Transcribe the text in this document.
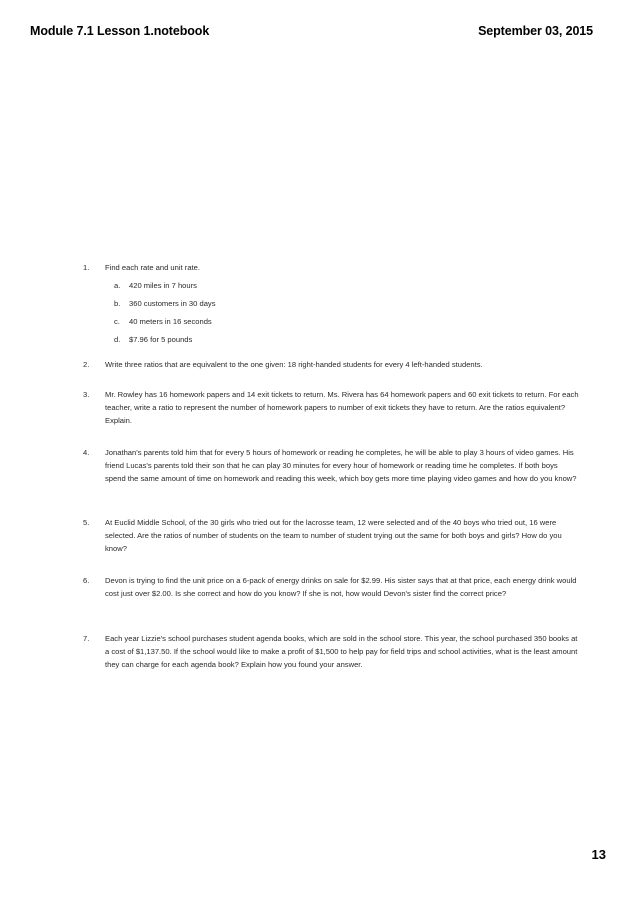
Module 7.1 Lesson 1.notebook	September 03, 2015
1. Find each rate and unit rate.
a. 420 miles in 7 hours
b. 360 customers in 30 days
c. 40 meters in 16 seconds
d. $7.96 for 5 pounds
2. Write three ratios that are equivalent to the one given: 18 right-handed students for every 4 left-handed students.
3. Mr. Rowley has 16 homework papers and 14 exit tickets to return. Ms. Rivera has 64 homework papers and 60 exit tickets to return. For each teacher, write a ratio to represent the number of homework papers to number of exit tickets they have to return. Are the ratios equivalent? Explain.
4. Jonathan's parents told him that for every 5 hours of homework or reading he completes, he will be able to play 3 hours of video games. His friend Lucas's parents told their son that he can play 30 minutes for every hour of homework or reading time he completes. If both boys spend the same amount of time on homework and reading this week, which boy gets more time playing video games and how do you know?
5. At Euclid Middle School, of the 30 girls who tried out for the lacrosse team, 12 were selected and of the 40 boys who tried out, 16 were selected. Are the ratios of number of students on the team to number of student trying out the same for both boys and girls? How do you know?
6. Devon is trying to find the unit price on a 6-pack of energy drinks on sale for $2.99. His sister says that at that price, each energy drink would cost just over $2.00. Is she correct and how do you know? If she is not, how would Devon's sister find the correct price?
7. Each year Lizzie's school purchases student agenda books, which are sold in the school store. This year, the school purchased 350 books at a cost of $1,137.50. If the school would like to make a profit of $1,500 to help pay for field trips and school activities, what is the least amount they can charge for each agenda book? Explain how you found your answer.
13
